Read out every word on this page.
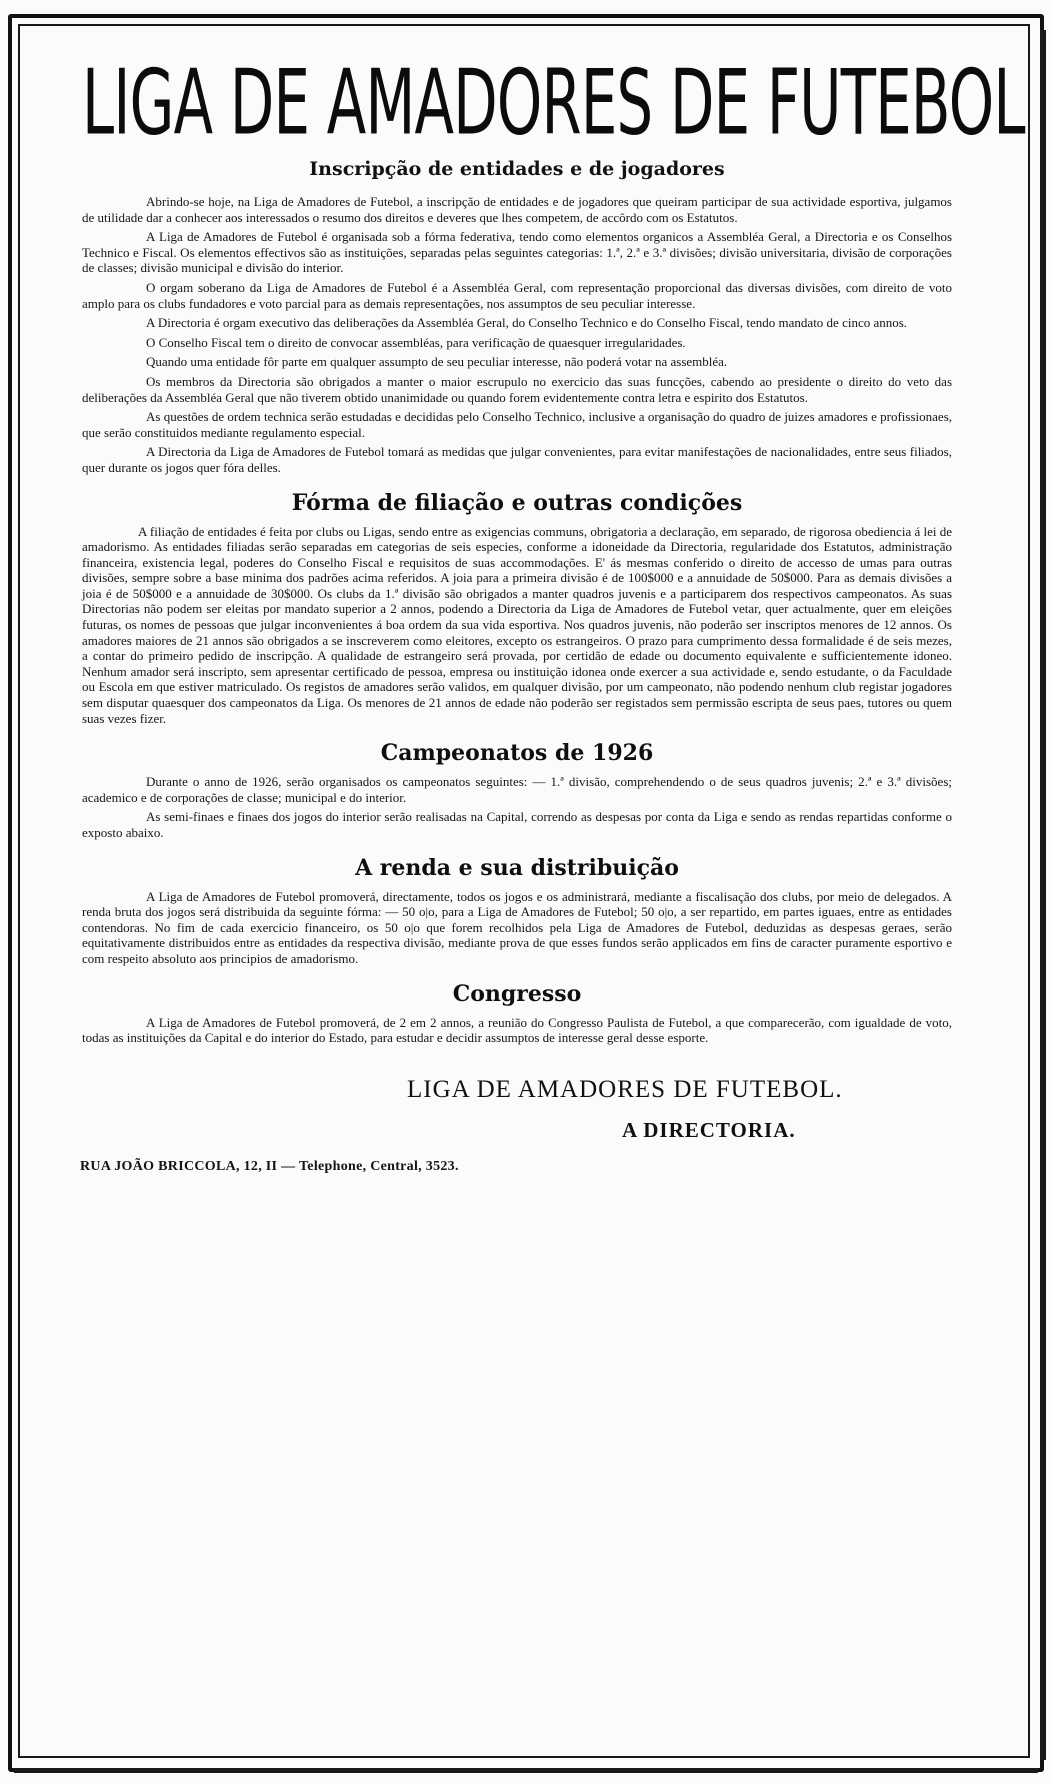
LIGA DE AMADORES DE FUTEBOL
Inscripção de entidades e de jogadores

Abrindo-se hoje, na Liga de Amadores de Futebol, a inscripção de entidades e de jogadores que queiram participar de sua actividade esportiva, julgamos de utilidade dar a conhecer aos interessados o resumo dos direitos e deveres que lhes competem, de accôrdo com os Estatutos.

A Liga de Amadores de Futebol é organisada sob a fórma federativa, tendo como elementos organicos a Assembléa Geral, a Directoria e os Conselhos Technico e Fiscal. Os elementos effectivos são as instituições, separadas pelas seguintes categorias: 1.ª, 2.ª e 3.ª divisões; divisão universitaria, divisão de corporações de classes; divisão municipal e divisão do interior.

O orgam soberano da Liga de Amadores de Futebol é a Assembléa Geral, com representação proporcional das diversas divisões, com direito de voto amplo para os clubs fundadores e voto parcial para as demais representações, nos assumptos de seu peculiar interesse.

A Directoria é orgam executivo das deliberações da Assembléa Geral, do Conselho Technico e do Conselho Fiscal, tendo mandato de cinco annos.

O Conselho Fiscal tem o direito de convocar assembléas, para verificação de quaesquer irregularidades.

Quando uma entidade fôr parte em qualquer assumpto de seu peculiar interesse, não poderá votar na assembléa.

Os membros da Directoria são obrigados a manter o maior escrupulo no exercicio das suas funcções, cabendo ao presidente o direito do veto das deliberações da Assembléa Geral que não tiverem obtido unanimidade ou quando forem evidentemente contra letra e espirito dos Estatutos.

As questões de ordem technica serão estudadas e decididas pelo Conselho Technico, inclusive a organisação do quadro de juizes amadores e profissionaes, que serão constituidos mediante regulamento especial.

A Directoria da Liga de Amadores de Futebol tomará as medidas que julgar convenientes, para evitar manifestações de nacionalidades, entre seus filiados, quer durante os jogos quer fóra delles.

Fórma de filiação e outras condições

A filiação de entidades é feita por clubs ou Ligas, sendo entre as exigencias communs, obrigatoria a declaração, em separado, de rigorosa obediencia á lei de amadorismo. As entidades filiadas serão separadas em categorias de seis especies, conforme a idoneidade da Directoria, regularidade dos Estatutos, administração financeira, existencia legal, poderes do Conselho Fiscal e requisitos de suas accommodações. E' ás mesmas conferido o direito de accesso de umas para outras divisões, sempre sobre a base minima dos padrões acima referidos. A joia para a primeira divisão é de 100$000 e a annuidade de 50$000. Para as demais divisões a joia é de 50$000 e a annuidade de 30$000. Os clubs da 1.ª divisão são obrigados a manter quadros juvenis e a participarem dos respectivos campeonatos. As suas Directorias não podem ser eleitas por mandato superior a 2 annos, podendo a Directoria da Liga de Amadores de Futebol vetar, quer actualmente, quer em eleições futuras, os nomes de pessoas que julgar inconvenientes á boa ordem da sua vida esportiva. Nos quadros juvenis, não poderão ser inscriptos menores de 12 annos. Os amadores maiores de 21 annos são obrigados a se inscreverem como eleitores, excepto os estrangeiros. O prazo para cumprimento dessa formalidade é de seis mezes, a contar do primeiro pedido de inscripção. A qualidade de estrangeiro será provada, por certidão de edade ou documento equivalente e sufficientemente idoneo. Nenhum amador será inscripto, sem apresentar certificado de pessoa, empresa ou instituição idonea onde exercer a sua actividade e, sendo estudante, o da Faculdade ou Escola em que estiver matriculado. Os registos de amadores serão validos, em qualquer divisão, por um campeonato, não podendo nenhum club registar jogadores sem disputar quaesquer dos campeonatos da Liga. Os menores de 21 annos de edade não poderão ser registados sem permissão escripta de seus paes, tutores ou quem suas vezes fizer.

Campeonatos de 1926

Durante o anno de 1926, serão organisados os campeonatos seguintes: — 1.ª divisão, comprehendendo o de seus quadros juvenis; 2.ª e 3.ª divisões; academico e de corporações de classe; municipal e do interior.

As semi-finaes e finaes dos jogos do interior serão realisadas na Capital, correndo as despesas por conta da Liga e sendo as rendas repartidas conforme o exposto abaixo.

A renda e sua distribuição

A Liga de Amadores de Futebol promoverá, directamente, todos os jogos e os administrará, mediante a fiscalisação dos clubs, por meio de delegados. A renda bruta dos jogos será distribuida da seguinte fórma: — 50 o|o, para a Liga de Amadores de Futebol; 50 o|o, a ser repartido, em partes iguaes, entre as entidades contendoras. No fim de cada exercicio financeiro, os 50 o|o que forem recolhidos pela Liga de Amadores de Futebol, deduzidas as despesas geraes, serão equitativamente distribuidos entre as entidades da respectiva divisão, mediante prova de que esses fundos serão applicados em fins de caracter puramente esportivo e com respeito absoluto aos principios de amadorismo.

Congresso

A Liga de Amadores de Futebol promoverá, de 2 em 2 annos, a reunião do Congresso Paulista de Futebol, a que comparecerão, com igualdade de voto, todas as instituições da Capital e do interior do Estado, para estudar e decidir assumptos de interesse geral desse esporte.

LIGA DE AMADORES DE FUTEBOL.
A DIRECTORIA.
RUA JOÃO BRICCOLA, 12, II — Telephone, Central, 3523.
